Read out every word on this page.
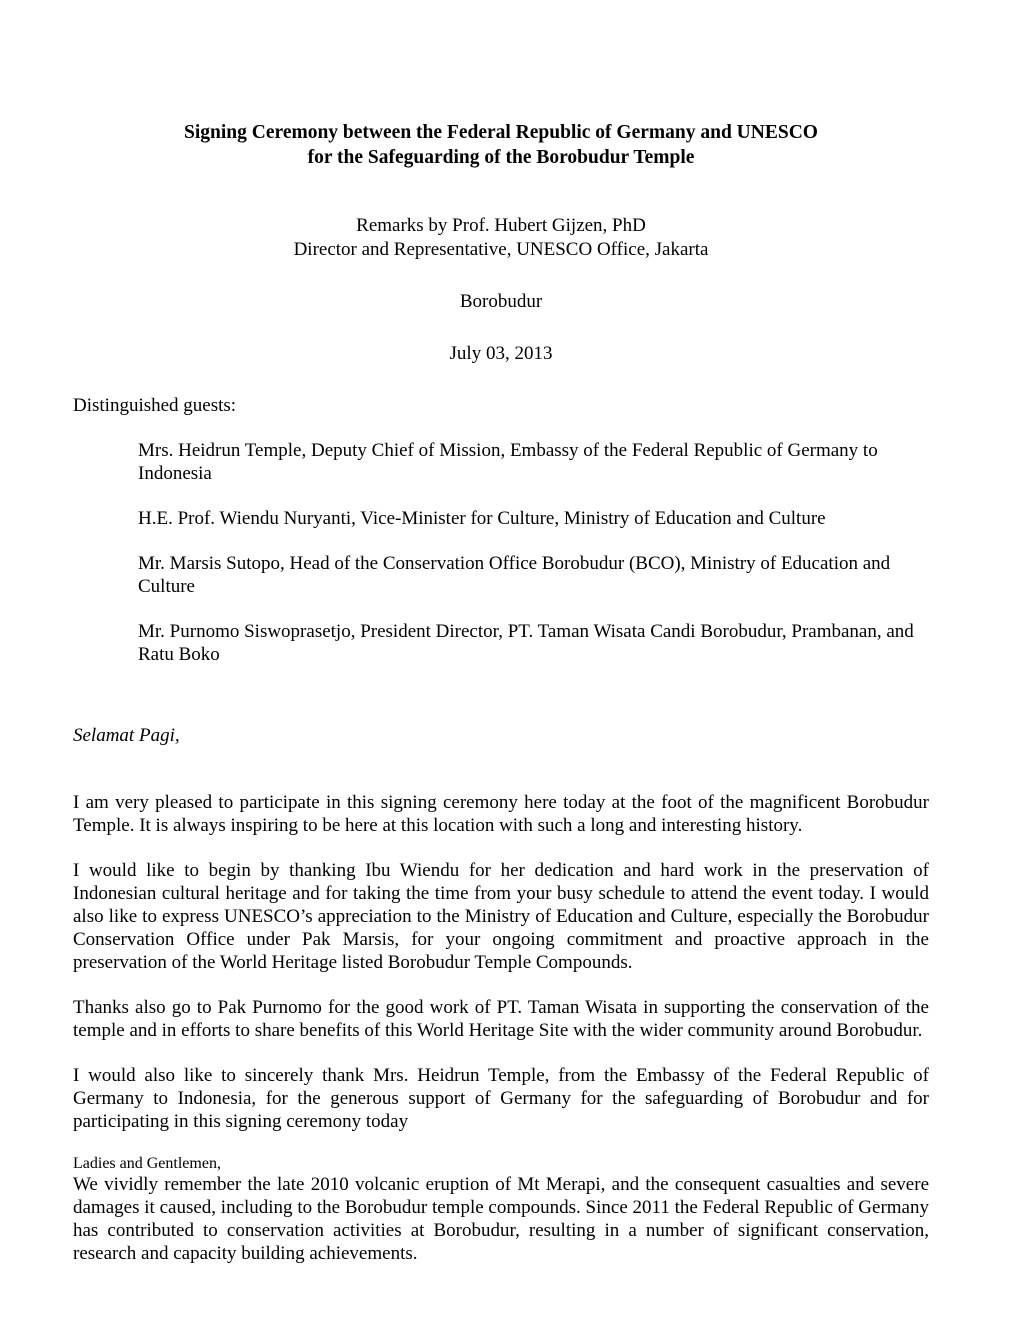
Signing Ceremony between the Federal Republic of Germany and UNESCO
for the Safeguarding of the Borobudur Temple
Remarks by Prof. Hubert Gijzen, PhD
Director and Representative, UNESCO Office, Jakarta
Borobudur
July 03, 2013

Distinguished guests:

Mrs. Heidrun Temple, Deputy Chief of Mission, Embassy of the Federal Republic of Germany to Indonesia
H.E. Prof. Wiendu Nuryanti, Vice-Minister for Culture, Ministry of Education and Culture
Mr. Marsis Sutopo, Head of the Conservation Office Borobudur (BCO), Ministry of Education and Culture
Mr. Purnomo Siswoprasetjo, President Director, PT. Taman Wisata Candi Borobudur, Prambanan, and Ratu Boko

Selamat Pagi,

I am very pleased to participate in this signing ceremony here today at the foot of the magnificent Borobudur Temple. It is always inspiring to be here at this location with such a long and interesting history.

I would like to begin by thanking Ibu Wiendu for her dedication and hard work in the preservation of Indonesian cultural heritage and for taking the time from your busy schedule to attend the event today. I would also like to express UNESCO’s appreciation to the Ministry of Education and Culture, especially the Borobudur Conservation Office under Pak Marsis, for your ongoing commitment and proactive approach in the preservation of the World Heritage listed Borobudur Temple Compounds.

Thanks also go to Pak Purnomo for the good work of PT. Taman Wisata in supporting the conservation of the temple and in efforts to share benefits of this World Heritage Site with the wider community around Borobudur.

I would also like to sincerely thank Mrs. Heidrun Temple, from the Embassy of the Federal Republic of Germany to Indonesia, for the generous support of Germany for the safeguarding of Borobudur and for participating in this signing ceremony today

Ladies and Gentlemen,

We vividly remember the late 2010 volcanic eruption of Mt Merapi, and the consequent casualties and severe damages it caused, including to the Borobudur temple compounds. Since 2011 the Federal Republic of Germany has contributed to conservation activities at Borobudur, resulting in a number of significant conservation, research and capacity building achievements.
